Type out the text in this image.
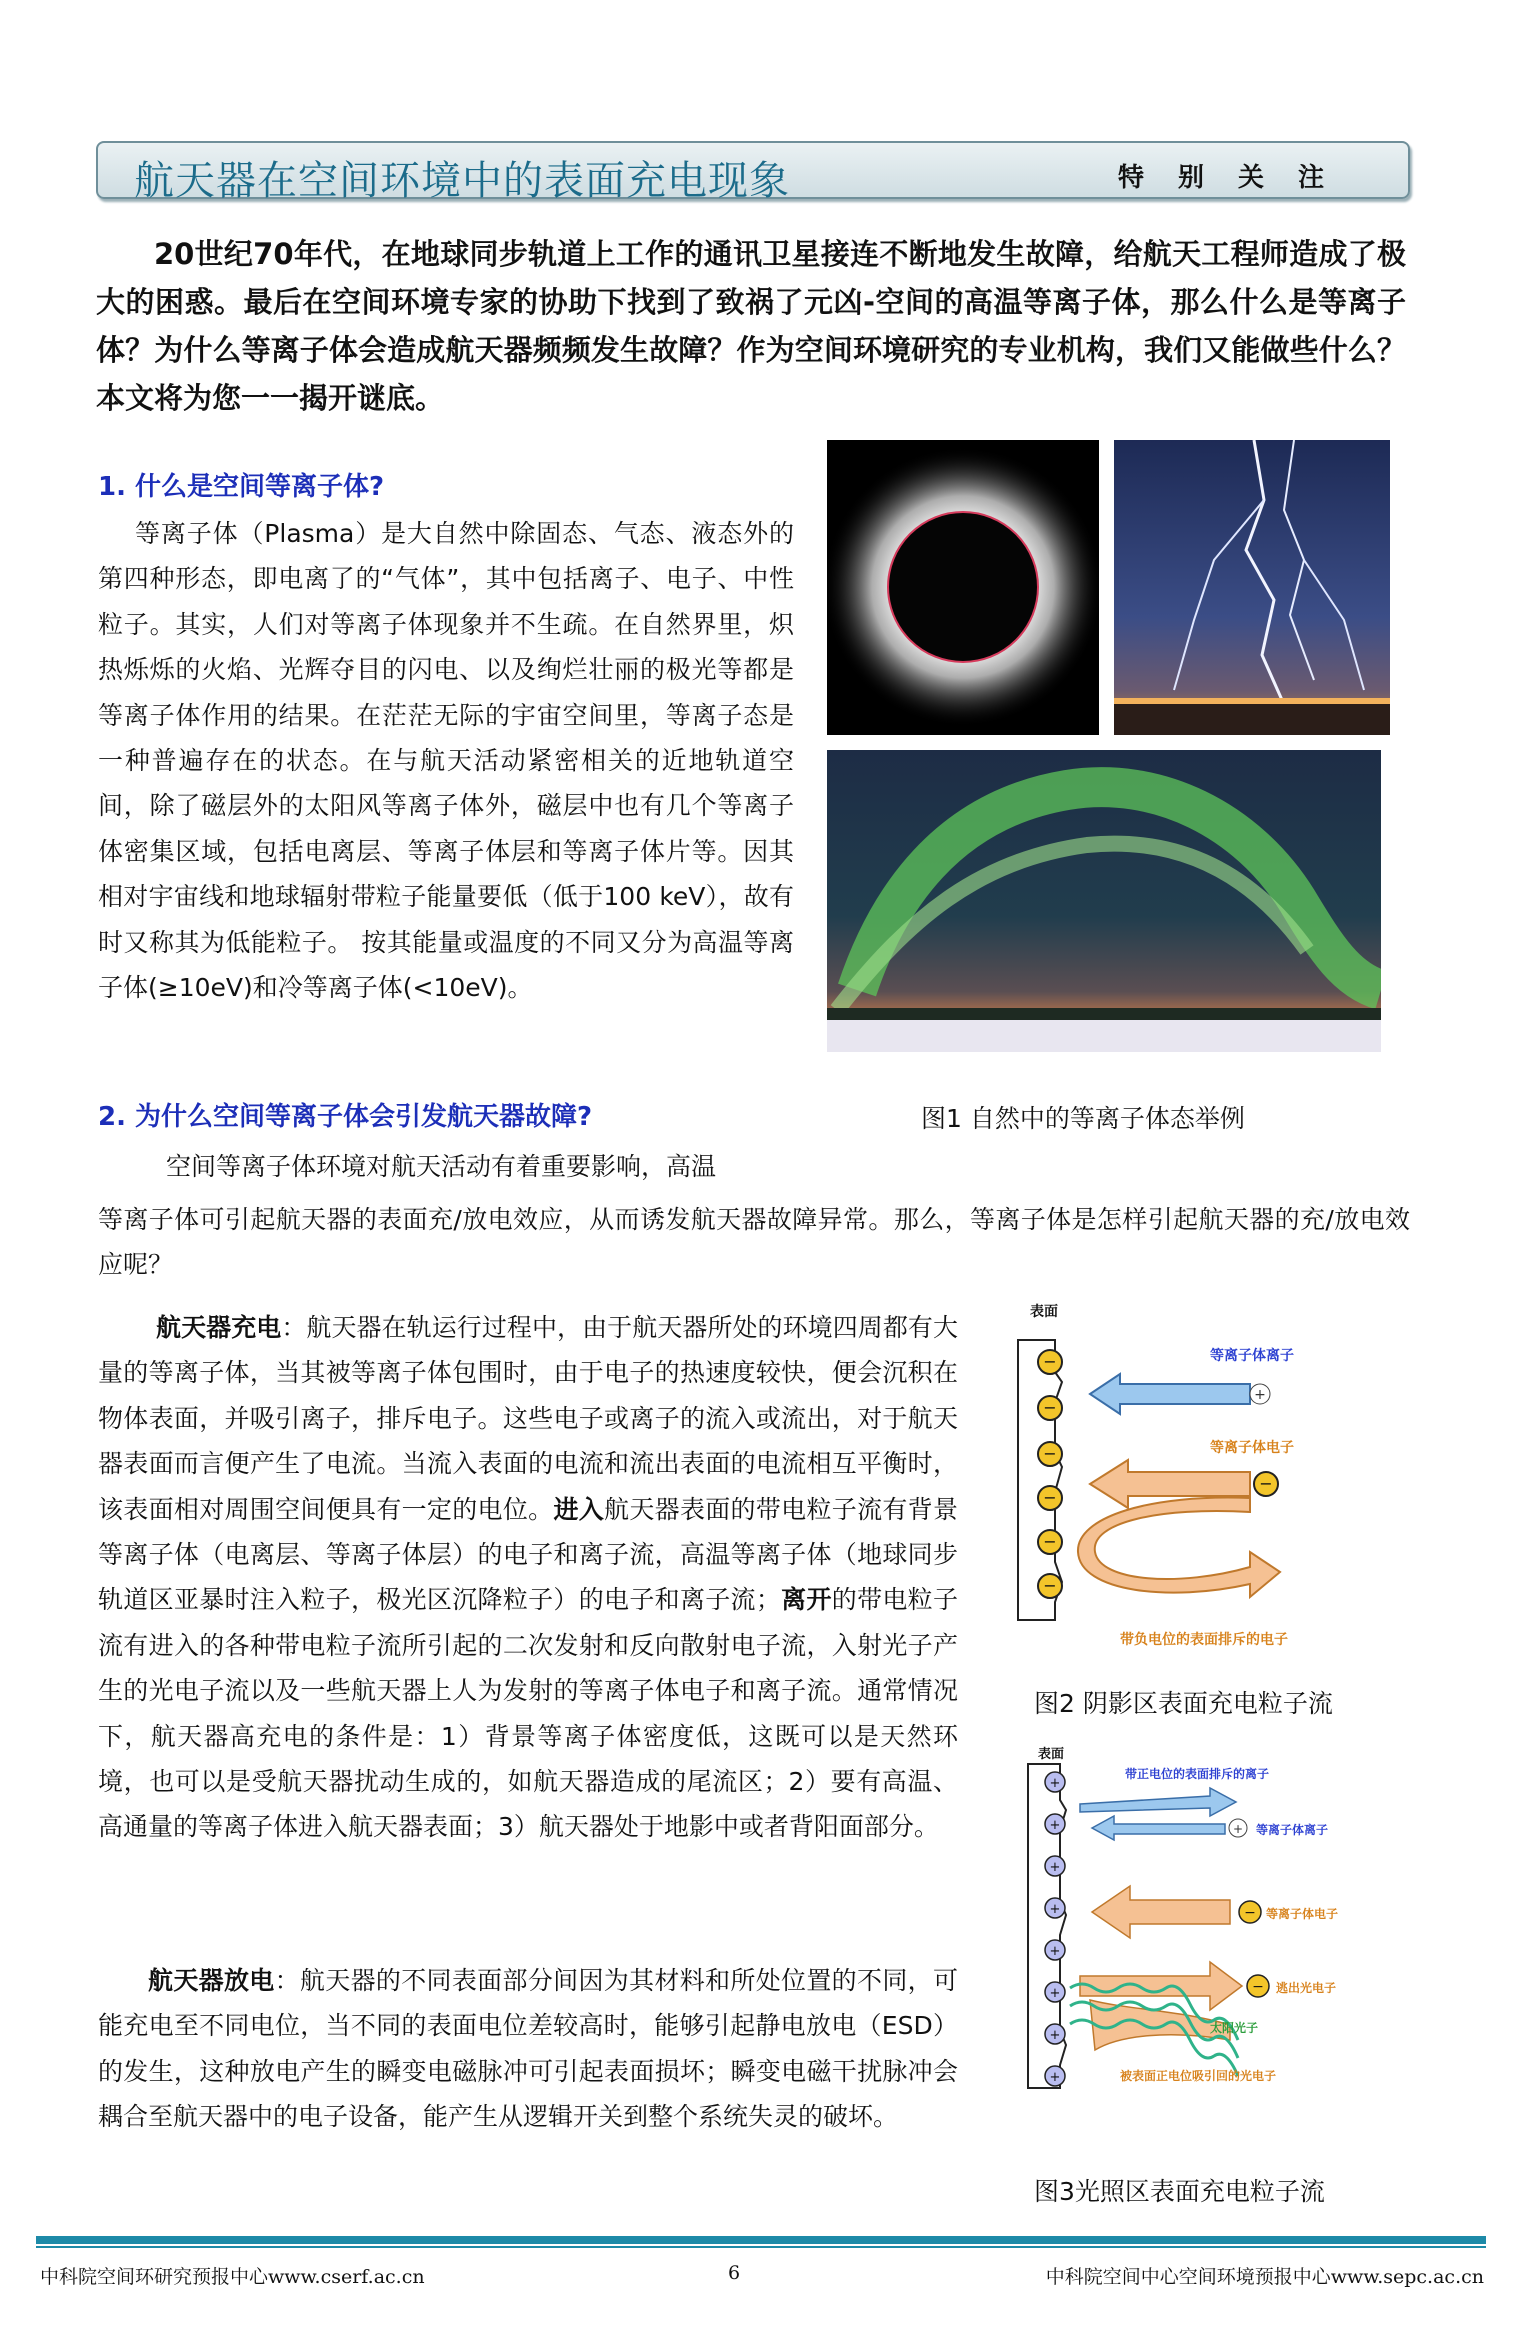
航天器在空间环境中的表面充电现象	特别关注
20世纪70年代，在地球同步轨道上工作的通讯卫星接连不断地发生故障，给航天工程师造成了极大的困惑。最后在空间环境专家的协助下找到了致祸了元凶-空间的高温等离子体，那么什么是等离子体？为什么等离子体会造成航天器频频发生故障？作为空间环境研究的专业机构，我们又能做些什么？本文将为您一一揭开谜底。
1. 什么是空间等离子体?
等离子体（Plasma）是大自然中除固态、气态、液态外的第四种形态，即电离了的“气体”，其中包括离子、电子、中性粒子。其实，人们对等离子体现象并不生疏。在自然界里，炽热烁烁的火焰、光辉夺目的闪电、以及绚烂壮丽的极光等都是等离子体作用的结果。在茫茫无际的宇宙空间里，等离子态是一种普遍存在的状态。在与航天活动紧密相关的近地轨道空间，除了磁层外的太阳风等离子体外，磁层中也有几个等离子体密集区域，包括电离层、等离子体层和等离子体片等。因其相对宇宙线和地球辐射带粒子能量要低（低于100 keV），故有时又称其为低能粒子。 按其能量或温度的不同又分为高温等离子体(≥10eV)和冷等离子体(<10eV)。
2. 为什么空间等离子体会引发航天器故障?	图1 自然中的等离子体态举例
空间等离子体环境对航天活动有着重要影响，高温
等离子体可引起航天器的表面充/放电效应，从而诱发航天器故障异常。那么，等离子体是怎样引起航天器的充/放电效应呢？
航天器充电：航天器在轨运行过程中，由于航天器所处的环境四周都有大量的等离子体，当其被等离子体包围时，由于电子的热速度较快，便会沉积在物体表面，并吸引离子，排斥电子。这些电子或离子的流入或流出，对于航天器表面而言便产生了电流。当流入表面的电流和流出表面的电流相互平衡时，该表面相对周围空间便具有一定的电位。进入航天器表面的带电粒子流有背景等离子体（电离层、等离子体层）的电子和离子流，高温等离子体（地球同步轨道区亚暴时注入粒子，极光区沉降粒子）的电子和离子流；离开的带电粒子流有进入的各种带电粒子流所引起的二次发射和反向散射电子流，入射光子产生的光电子流以及一些航天器上人为发射的等离子体电子和离子流。通常情况下，航天器高充电的条件是：1）背景等离子体密度低，这既可以是天然环境，也可以是受航天器扰动生成的，如航天器造成的尾流区；2）要有高温、高通量的等离子体进入航天器表面；3）航天器处于地影中或者背阳面部分。
航天器放电：航天器的不同表面部分间因为其材料和所处位置的不同，可能充电至不同电位，当不同的表面电位差较高时，能够引起静电放电（ESD）的发生，这种放电产生的瞬变电磁脉冲可引起表面损坏；瞬变电磁干扰脉冲会耦合至航天器中的电子设备，能产生从逻辑开关到整个系统失灵的破坏。
表面
−
−
−
−
−
−
等离子体离子
+
等离子体电子
−
带负电位的表面排斥的电子
图2 阴影区表面充电粒子流
表面
+
+
+
+
+
+
+
+
带正电位的表面排斥的离子
+ 等离子体离子
− 等离子体电子
− 逃出光电子
太阳光子
被表面正电位吸引回的光电子
图3光照区表面充电粒子流
中科院空间环研究预报中心www.cserf.ac.cn	6	中科院空间中心空间环境预报中心www.sepc.ac.cn
